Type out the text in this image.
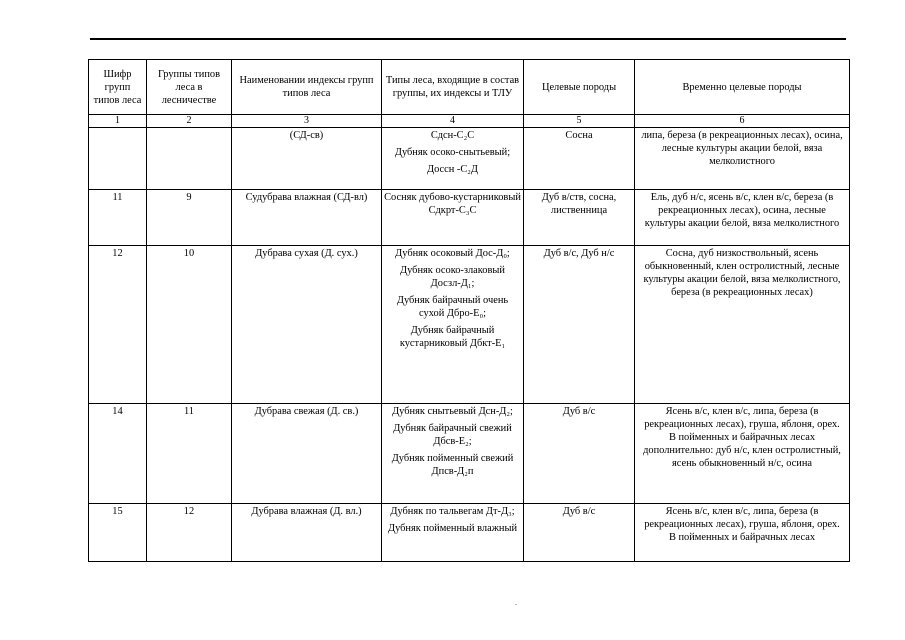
Шифр групп типов леса	Группы типов леса в лесничестве	Наименовании индексы групп типов леса	Типы леса, входящие в состав группы, их индексы и ТЛУ	Целевые породы	Временно целевые породы
1	2	3	4	5	6
		(СД-св)	Сдсн-С₂С
Дубняк осоко-снытьевый;
Доссн -С₂Д	Сосна	липа, береза (в рекреационных лесах), осина, лесные культуры акации белой, вяза мелколистного

11	9	Судубрава влажная (СД-вл)	Сосняк дубово-кустарниковый Сдкрт-С₃С	Дуб в/ств, сосна, лиственница	Ель, дуб н/с, ясень в/с, клен в/с, береза (в рекреационных лесах), осина, лесные культуры акации белой, вяза мелколистного

12	10	Дубрава сухая (Д. сух.)	Дубняк осоковый Дос-Д₀;
Дубняк осоко-злаковый Досзл-Д₁;
Дубняк байрачный очень сухой Дбро-Е₀;
Дубняк байрачный кустарниковый Дбкт-Е₁	Дуб в/с, Дуб н/с	Сосна, дуб низкоствольный, ясень обыкновенный, клен остролистный, лесные культуры акации белой, вяза мелколистного, береза (в рекреационных лесах)

14	11	Дубрава свежая (Д. св.)	Дубняк снытьевый Дсн-Д₂;
Дубняк байрачный свежий Дбсв-Е₂;
Дубняк пойменный свежий Дпсв-Д₂п	Дуб в/с	Ясень в/с, клен в/с, липа, береза (в рекреационных лесах), груша, яблоня, орех.
В пойменных и байрачных лесах дополнительно: дуб н/с, клен остролистный, ясень обыкновенный н/с, осина

15	12	Дубрава влажная (Д. вл.)	Дубняк по тальвегам Дт-Д₃;
Дубняк пойменный влажный	Дуб в/с	Ясень в/с, клен в/с, липа, береза (в рекреационных лесах), груша, яблоня, орех.
В пойменных и байрачных лесах
